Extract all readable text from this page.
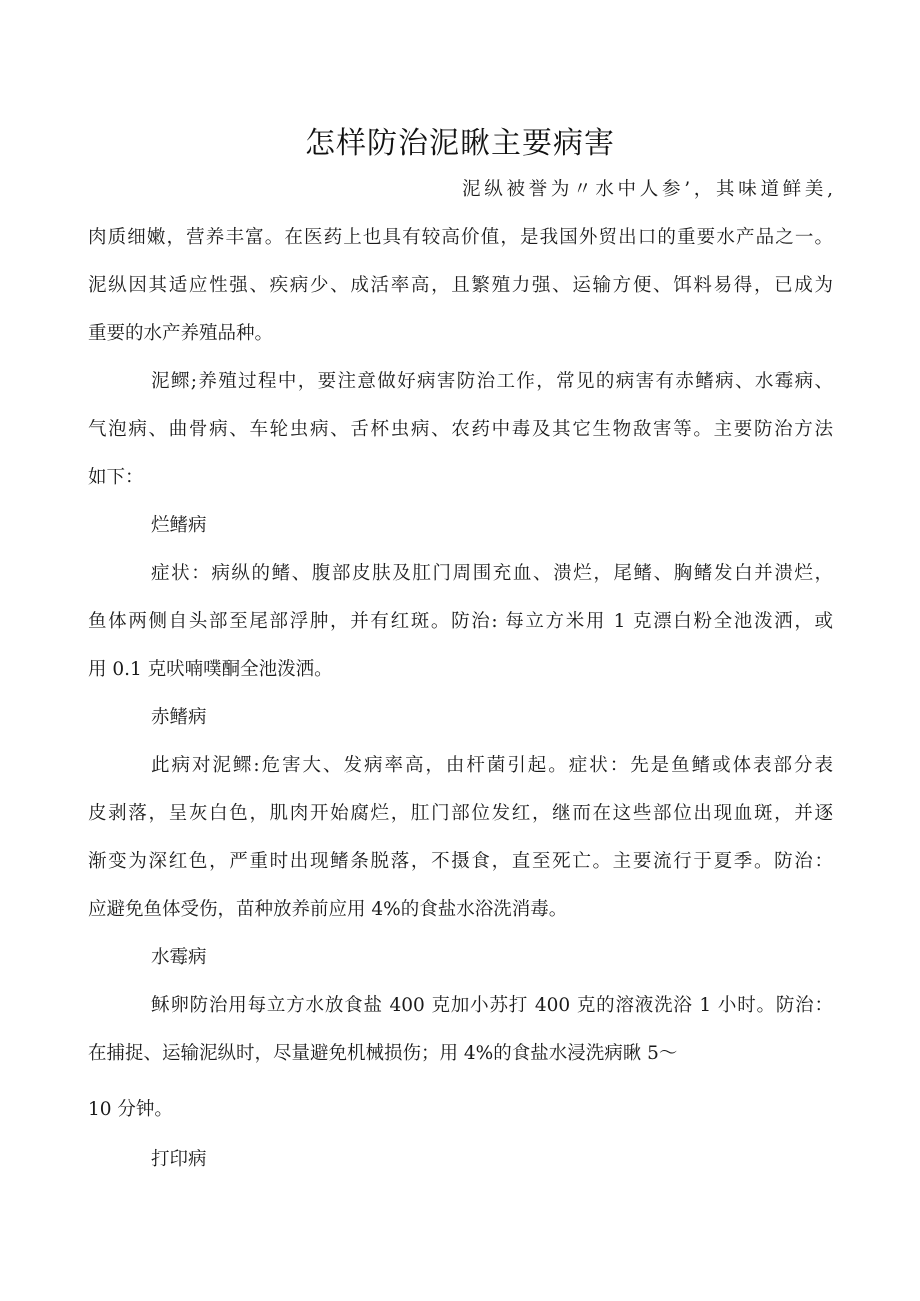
怎样防治泥瞅主要病害
泥纵被誉为〃水中人参’，其味道鲜美,
肉质细嫩，营养丰富。在医药上也具有较高价值，是我国外贸出口的重要水产品之一。
泥纵因其适应性强、疾病少、成活率高，且繁殖力强、运输方便、饵料易得，已成为
重要的水产养殖品种。
泥鳏;养殖过程中，要注意做好病害防治工作，常见的病害有赤鳍病、水霉病、
气泡病、曲骨病、车轮虫病、舌杯虫病、农药中毒及其它生物敌害等。主要防治方法
如下：
烂鳍病
症状：病纵的鳍、腹部皮肤及肛门周围充血、溃烂，尾鳍、胸鳍发白并溃烂，
鱼体两侧自头部至尾部浮肿，并有红斑。防治: 每立方米用 1 克漂白粉全池泼洒，或
用 0.1 克吠喃噗酮全池泼洒。
赤鳍病
此病对泥鳏:危害大、发病率高，由杆菌引起。症状：先是鱼鳍或体表部分表
皮剥落，呈灰白色，肌肉开始腐烂，肛门部位发红，继而在这些部位出现血斑，并逐
渐变为深红色，严重时出现鳍条脱落，不摄食，直至死亡。主要流行于夏季。防治：
应避免鱼体受伤，苗种放养前应用 4%的食盐水浴洗消毒。
水霉病
稣卵防治用每立方水放食盐 400 克加小苏打 400 克的溶液洗浴 1 小时。防治：
在捕捉、运输泥纵时，尽量避免机械损伤；用 4%的食盐水浸洗病瞅 5～
10 分钟。
打印病
